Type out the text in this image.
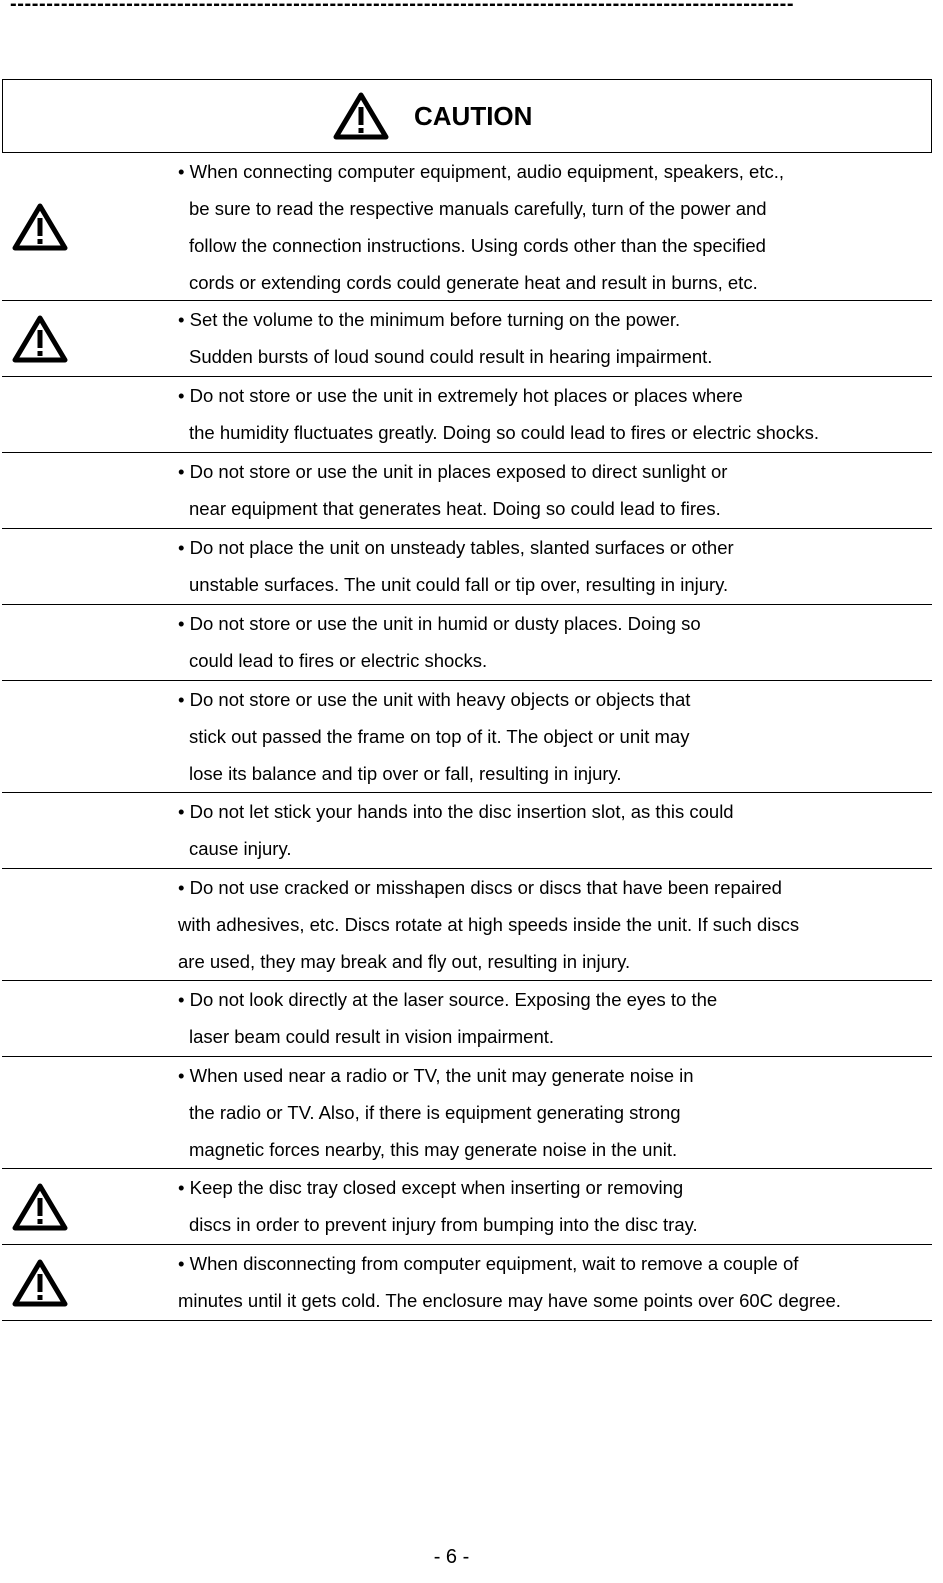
------------------------------------------------------------------------------------------------------------
CAUTION
• When connecting computer equipment, audio equipment, speakers, etc.,
be sure to read the respective manuals carefully, turn of the power and
follow the connection instructions. Using cords other than the specified
cords or extending cords could generate heat and result in burns, etc.
• Set the volume to the minimum before turning on the power.
Sudden bursts of loud sound could result in hearing impairment.
• Do not store or use the unit in extremely hot places or places where
the humidity fluctuates greatly. Doing so could lead to fires or electric shocks.
• Do not store or use the unit in places exposed to direct sunlight or
near equipment that generates heat. Doing so could lead to fires.
• Do not place the unit on unsteady tables, slanted surfaces or other
unstable surfaces. The unit could fall or tip over, resulting in injury.
• Do not store or use the unit in humid or dusty places. Doing so
could lead to fires or electric shocks.
• Do not store or use the unit with heavy objects or objects that
stick out passed the frame on top of it. The object or unit may
lose its balance and tip over or fall, resulting in injury.
• Do not let stick your hands into the disc insertion slot, as this could
cause injury.
• Do not use cracked or misshapen discs or discs that have been repaired
with adhesives, etc. Discs rotate at high speeds inside the unit. If such discs
are used, they may break and fly out, resulting in injury.
• Do not look directly at the laser source. Exposing the eyes to the
laser beam could result in vision impairment.
• When used near a radio or TV, the unit may generate noise in
the radio or TV. Also, if there is equipment generating strong
magnetic forces nearby, this may generate noise in the unit.
• Keep the disc tray closed except when inserting or removing
discs in order to prevent injury from bumping into the disc tray.
• When disconnecting from computer equipment, wait to remove a couple of
minutes until it gets cold. The enclosure may have some points over 60C degree.
- 6 -
